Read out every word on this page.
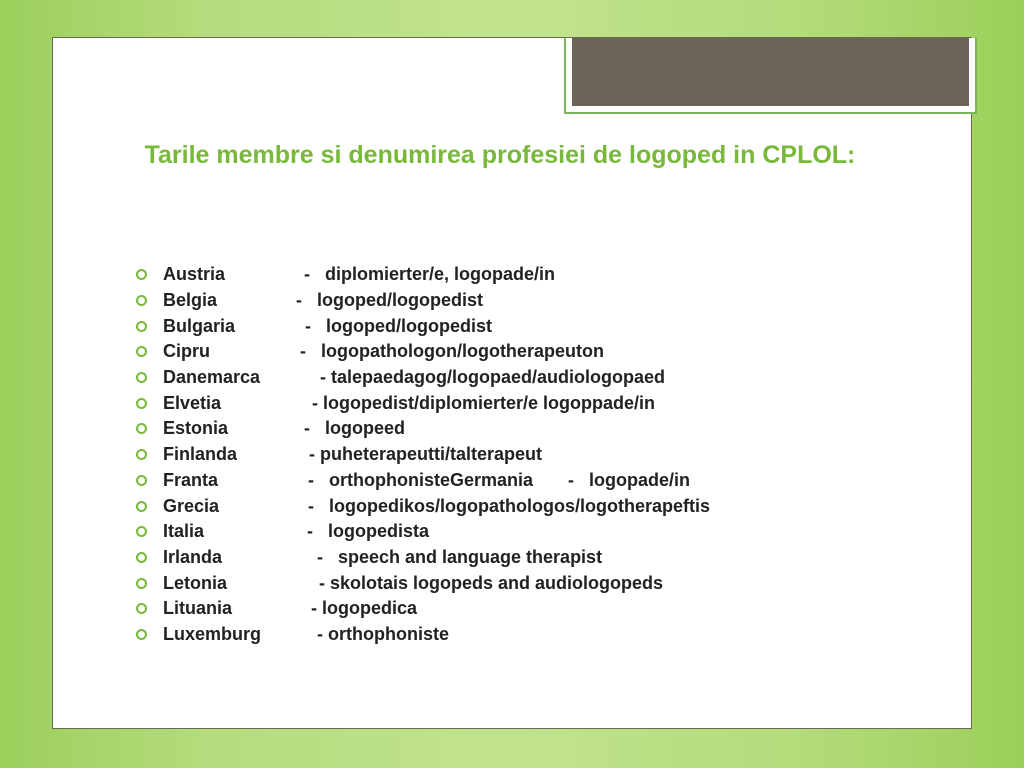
Tarile membre si denumirea profesiei de logoped in CPLOL:
Austria	-   diplomierter/e, logopade/in
Belgia	-   logoped/logopedist
Bulgaria	-   logoped/logopedist
Cipru	-   logopathologon/logotherapeuton
Danemarca	- talepaedagog/logopaed/audiologopaed
Elvetia	- logopedist/diplomierter/e logoppade/in
Estonia	-   logopeed
Finlanda	- puheterapeutti/talterapeut
Franta	-   orthophonisteGermania       -   logopade/in
Grecia	-   logopedikos/logopathologos/logotherapeftis
Italia	-   logopedista
Irlanda	-   speech and language therapist
Letonia	- skolotais logopeds and audiologopeds
Lituania	- logopedica
Luxemburg	- orthophoniste
